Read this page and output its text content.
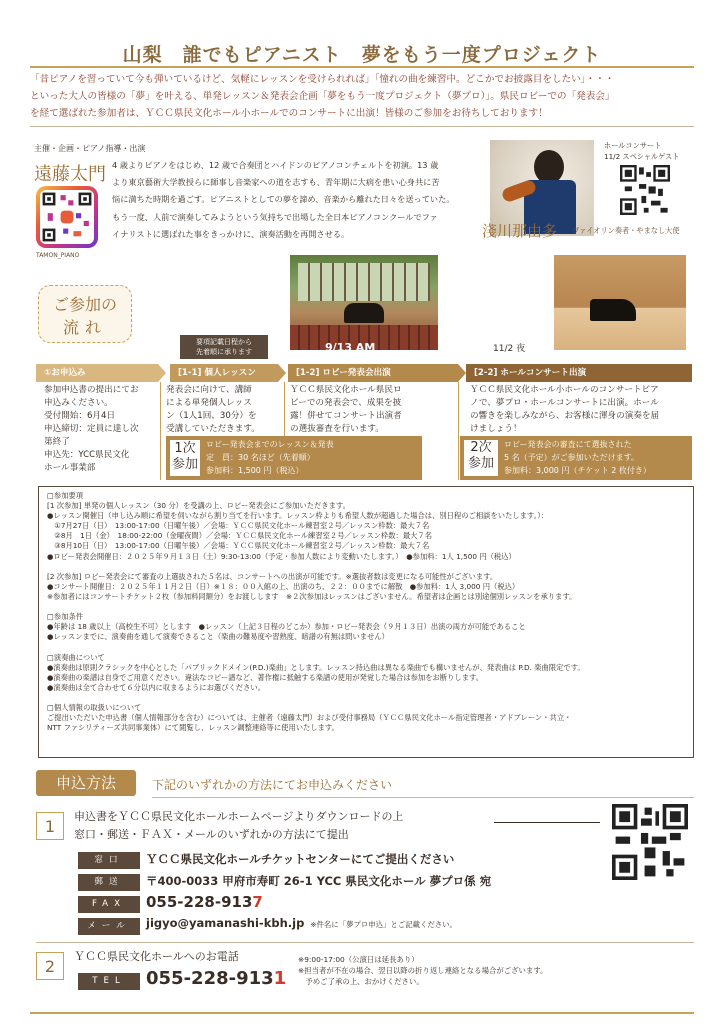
山梨　誰でもピアニスト　夢をもう一度プロジェクト
「昔ピアノを習っていて今も弾いているけど、気軽にレッスンを受けられれば」「憧れの曲を練習中。どこかでお披露目をしたい」・・・
といった大人の皆様の「夢」を叶える、単発レッスン＆発表会企画「夢をもう一度プロジェクト（夢プロ）」。県民ロビーでの「発表会」
を経て選ばれた参加者は、ＹＣＣ県民文化ホール小ホールでのコンサートに出演！皆様のご参加をお待ちしております！
主催・企画・ピアノ指導・出演
遠藤太門
TAMON_PIANO
4 歳よりピアノをはじめ、12 歳で合奏団とハイドンのピアノコンチェルトを初演。13 歳
より東京藝術大学教授らに師事し音楽家への道を志すも、青年期に大病を患い心身共に苦
悩に満ちた時期を過ごす。ピアニストとしての夢を諦め、音楽から離れた日々を送っていた。
もう一度、人前で演奏してみようという気持ちで出場した全日本ピアノコンクールでファ
イナリストに選ばれた事をきっかけに、演奏活動を再開させる。
ホールコンサート
11/2 スペシャルゲスト
淺川那由多 ヴァイオリン奏者・やまなし大使
ご参加の
流れ
9/13 AM	11/2 夜
要項記載日程から
先着順に承ります
①お申込み	[1-1] 個人レッスン	[1-2] ロビー発表会出演	[2-2] ホールコンサート出演
参加申込書の提出にてお
申込みください。
受付開始：6月4日
申込締切：定員に達し次
第終了
申込先：YCC県民文化
ホール事業部
発表会に向けて、講師
による単発個人レッス
ン（1人1回、30分）を
受講していただきます。
ＹＣＣ県民文化ホール県民ロ
ビーでの発表会で、成果を披
露！併せてコンサート出演者
の選抜審査を行います。
ＹＣＣ県民文化ホール小ホールのコンサートピア
ノで、夢プロ・ホールコンサートに出演。ホール
の響きを楽しみながら、お客様に渾身の演奏を届
けましょう！
1次
参加
ロビー発表会までのレッスン＆発表
定　員：30 名ほど（先着順）
参加料：1,500 円（税込）
2次
参加
ロビー発表会の審査にて選抜された
5 名（予定）がご参加いただけます。
参加料：3,000 円（チケット 2 枚付き）

□参加要項

[1 次参加] 単発の個人レッスン（30 分）を受講の上、ロビー発表会にご参加いただきます。

●レッスン開催日（申し込み順に希望を伺いながら割り当てを行います。レッスン枠よりも希望人数が超過した場合は、別日程のご相談をいたします。）：

　①7月27日（日）　13:00-17:00（日曜午後）／会場：ＹＣＣ県民文化ホール練習室２号／レッスン枠数：最大７名

　②8月　1日（金）　18:00-22:00（金曜夜間）／会場：ＹＣＣ県民文化ホール練習室２号／レッスン枠数：最大７名

　③8月10日（日）　13:00-17:00（日曜午後）／会場：ＹＣＣ県民文化ホール練習室２号／レッスン枠数：最大７名

●ロビー発表会開催日：２０２５年９月１３日（土）9:30-13:00（予定・参加人数により変動いたします。）　●参加料：1人 1,500 円（税込）

[2 次参加] ロビー発表会にて審査の上選抜された５名は、コンサートへの出演が可能です。※選抜者数は変更になる可能性がございます。

●コンサート開催日：２０２５年１１月２日（日）※１８：００入館の上、出演のち、２２：００までに解散　●参加料：1人 3,000 円（税込）

※参加者にはコンサートチケット２枚（参加料同額分）をお渡しします　※２次参加はレッスンはございません。希望者は企画とは別途個別レッスンを承ります。

□参加条件

●年齢は 18 歳以上（高校生不可）とします　●レッスン（上記３日程のどこか）参加・ロビー発表会（９月１３日）出演の両方が可能であること

●レッスンまでに、演奏曲を通して演奏できること（楽曲の難易度や習熟度、暗譜の有無は問いません）

□演奏曲について

●演奏曲は原則クラシックを中心とした「パブリックドメイン(P.D.)楽曲」とします。レッスン持込曲は異なる楽曲でも構いませんが、発表曲は P.D. 楽曲限定です。

●演奏曲の楽譜は自身でご用意ください。違法なコピー譜など、著作権に抵触する楽譜の使用が発覚した場合は参加をお断りします。

●演奏曲は全て合わせて６分以内に収まるようにお選びください。

□個人情報の取扱いについて

ご提出いただいた申込書（個人情報部分を含む）については、主催者（遠藤太門）および受付事務局（ＹＣＣ県民文化ホール指定管理者・アドブレーン・共立・

NTT ファシリティーズ共同事業体）にて閲覧し、レッスン調整連絡等に使用いたします。

申込方法	下記のいずれかの方法にてお申込みください
1
申込書をＹＣＣ県民文化ホールホームページよりダウンロードの上
窓口・郵送・ＦＡＸ・メールのいずれかの方法にて提出
窓口	ＹＣＣ県民文化ホールチケットセンターにてご提出ください
郵送	〒400-0033 甲府市寿町 26-1 YCC 県民文化ホール 夢プロ係 宛
FAX	055-228-9137
メール	jigyo@yamanashi-kbh.jp ※件名に「夢プロ申込」とご記載ください。
2
ＹＣＣ県民文化ホールへのお電話
TEL	055-228-9131
※9:00-17:00（公演日は延長あり）
※担当者が不在の場合、翌日以降の折り返し連絡となる場合がございます。
　予めご了承の上、おかけください。
